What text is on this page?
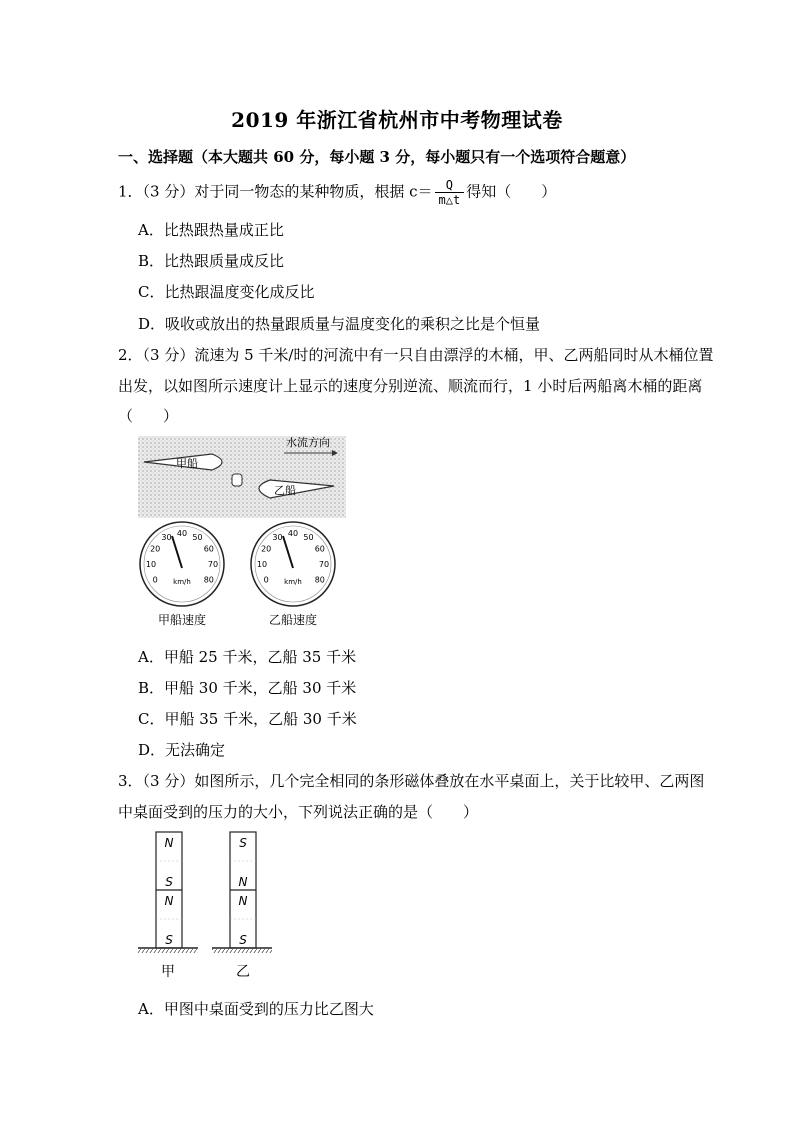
2019 年浙江省杭州市中考物理试卷
一、选择题（本大题共 60 分，每小题 3 分，每小题只有一个选项符合题意）
1．（3 分）对于同一物态的某种物质，根据 $c= \frac{Q}{m\triangle t}$ 得知（　　）
A．比热跟热量成正比
B．比热跟质量成反比
C．比热跟温度变化成反比
D．吸收或放出的热量跟质量与温度变化的乘积之比是个恒量
2．（3 分）流速为 5 千米/时的河流中有一只自由漂浮的木桶，甲、乙两船同时从木桶位置
出发，以如图所示速度计上显示的速度分别逆流、顺流而行，1 小时后两船离木桶的距离
（　　）
水流方向
甲船
乙船
0
10
20
30 40 50
60
70
80
km/h
甲船速度
0
10
20
30 40 50
60
70
80
km/h
乙船速度
A．甲船 25 千米，乙船 35 千米
B．甲船 30 千米，乙船 30 千米
C．甲船 35 千米，乙船 30 千米
D．无法确定
3．（3 分）如图所示，几个完全相同的条形磁体叠放在水平桌面上，关于比较甲、乙两图
中桌面受到的压力的大小，下列说法正确的是（　　）
N
S
N
S
甲
S
N
N
S
乙
A．甲图中桌面受到的压力比乙图大
